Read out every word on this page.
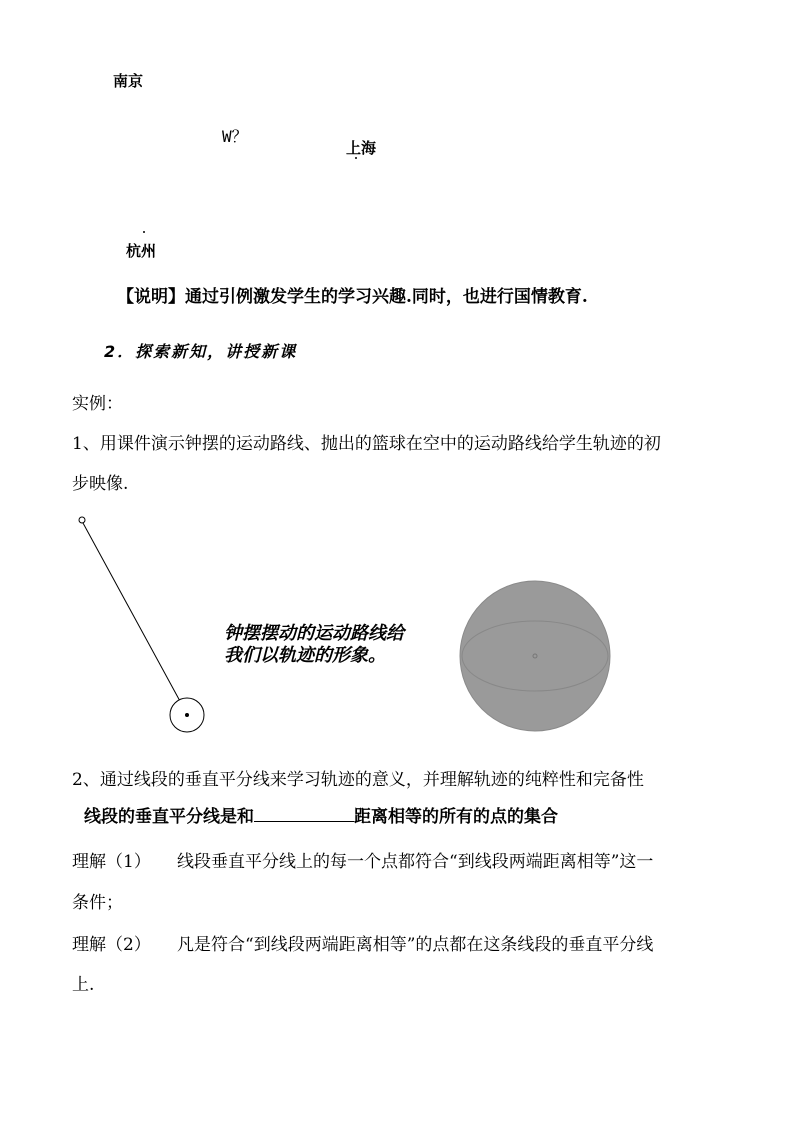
南京
W？
上海
杭州
【说明】通过引例激发学生的学习兴趣.同时，也进行国情教育.
2．探索新知，讲授新课
实例：
1、用课件演示钟摆的运动路线、抛出的篮球在空中的运动路线给学生轨迹的初
步映像.
钟摆摆动的运动路线给
我们以轨迹的形象。
2、通过线段的垂直平分线来学习轨迹的意义，并理解轨迹的纯粹性和完备性
线段的垂直平分线是和	距离相等的所有的点的集合
理解（1） 线段垂直平分线上的每一个点都符合“到线段两端距离相等”这一
条件；
理解（2） 凡是符合“到线段两端距离相等”的点都在这条线段的垂直平分线
上.
